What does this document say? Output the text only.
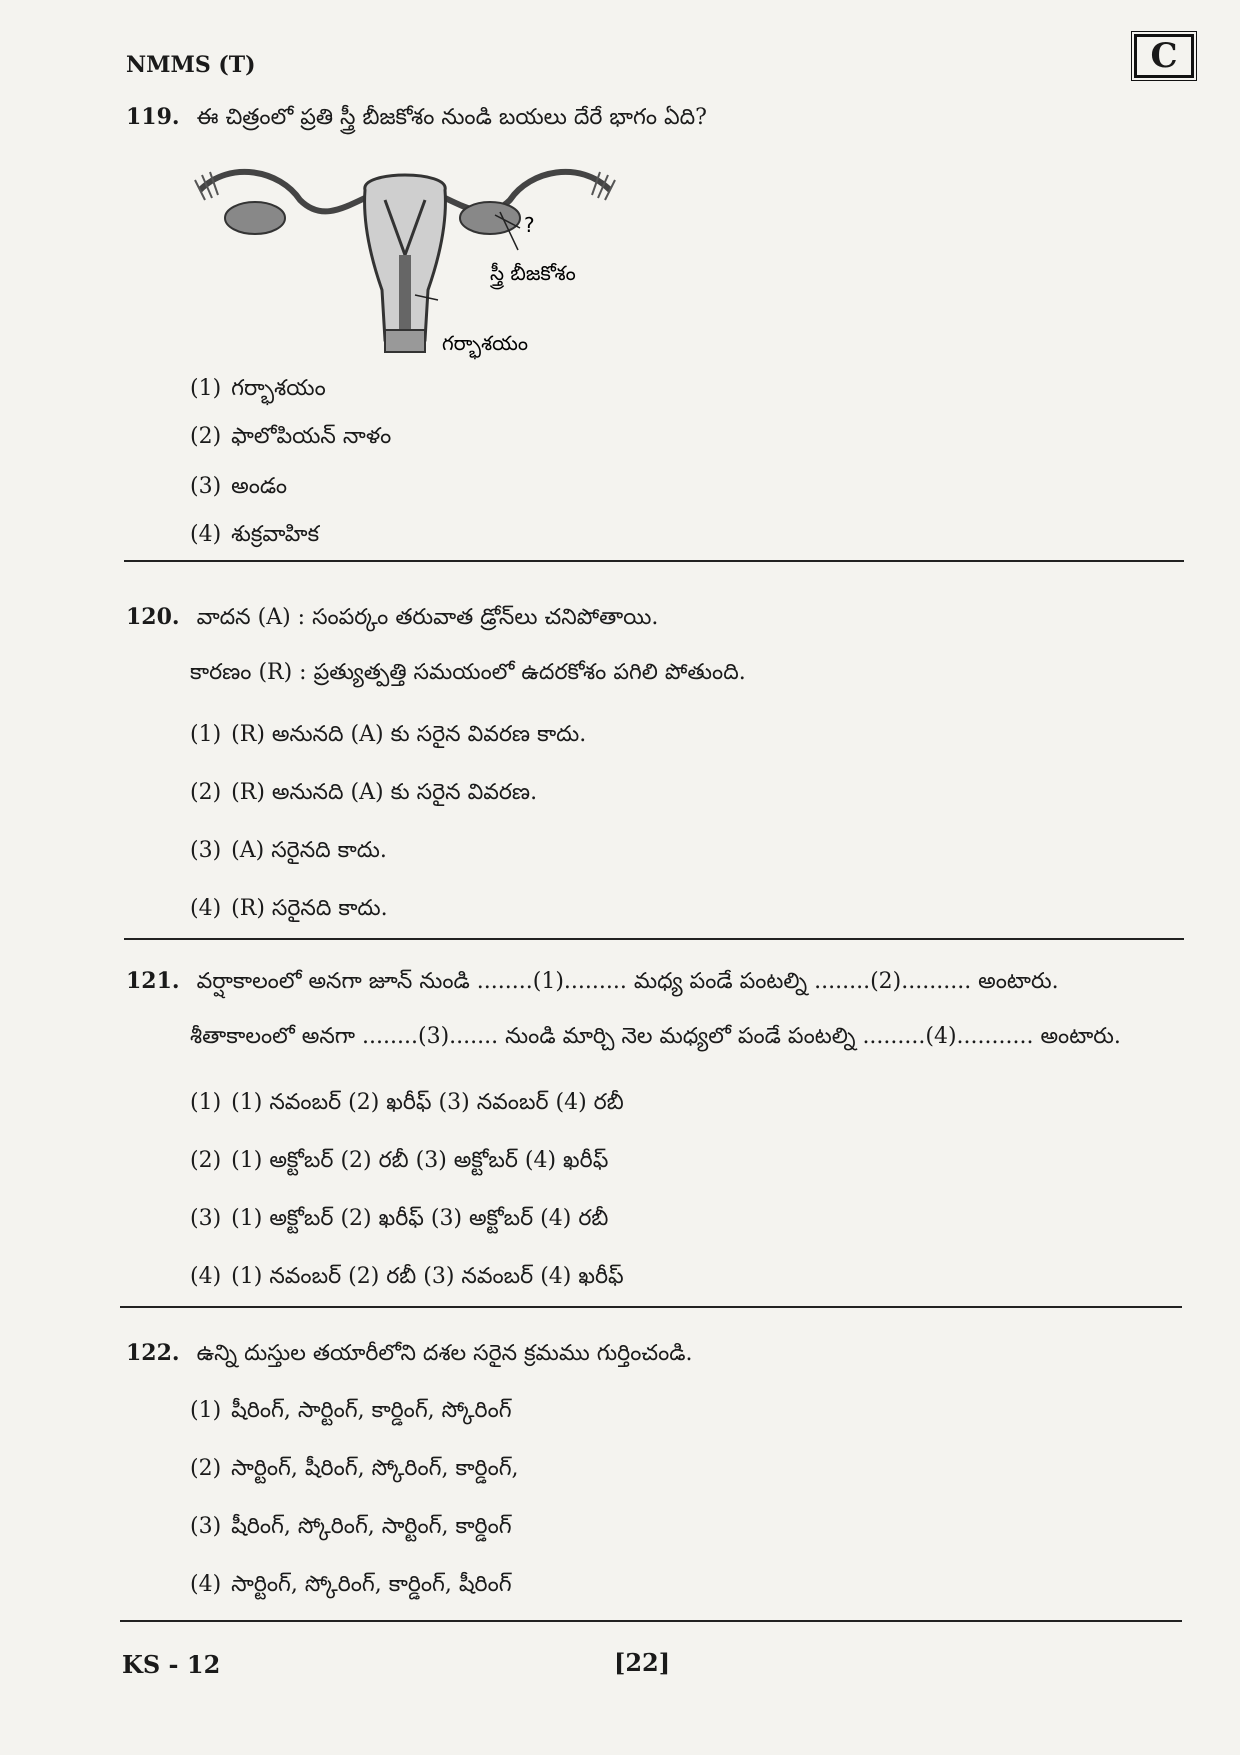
NMMS (T)	C
119. ఈ చిత్రంలో ప్రతి స్త్రీ బీజకోశం నుండి బయలు దేరే భాగం ఏది?
?
స్త్రీ బీజకోశం
గర్భాశయం
(1) గర్భాశయం
(2) ఫాలోపియన్ నాళం
(3) అండం
(4) శుక్రవాహిక
120. వాదన (A) : సంపర్కం తరువాత డ్రోన్‌లు చనిపోతాయి.
కారణం (R) : ప్రత్యుత్పత్తి సమయంలో ఉదరకోశం పగిలి పోతుంది.
(1) (R) అనునది (A) కు సరైన వివరణ కాదు.
(2) (R) అనునది (A) కు సరైన వివరణ.
(3) (A) సరైనది కాదు.
(4) (R) సరైనది కాదు.
121. వర్షాకాలంలో అనగా జూన్ నుండి ........(1)......... మధ్య పండే పంటల్ని ........(2).......... అంటారు.
శీతాకాలంలో అనగా ........(3)....... నుండి మార్చి నెల మధ్యలో పండే పంటల్ని .........(4)........... అంటారు.
(1) (1) నవంబర్ (2) ఖరీఫ్ (3) నవంబర్ (4) రబీ
(2) (1) అక్టోబర్ (2) రబీ (3) అక్టోబర్ (4) ఖరీఫ్
(3) (1) అక్టోబర్ (2) ఖరీఫ్ (3) అక్టోబర్ (4) రబీ
(4) (1) నవంబర్ (2) రబీ (3) నవంబర్ (4) ఖరీఫ్
122. ఉన్ని దుస్తుల తయారీలోని దశల సరైన క్రమము గుర్తించండి.
(1) షీరింగ్, సార్టింగ్, కార్డింగ్, స్కోరింగ్
(2) సార్టింగ్, షీరింగ్, స్కోరింగ్, కార్డింగ్,
(3) షీరింగ్, స్కోరింగ్, సార్టింగ్, కార్డింగ్
(4) సార్టింగ్, స్కోరింగ్, కార్డింగ్, షీరింగ్
KS - 12	[22]
